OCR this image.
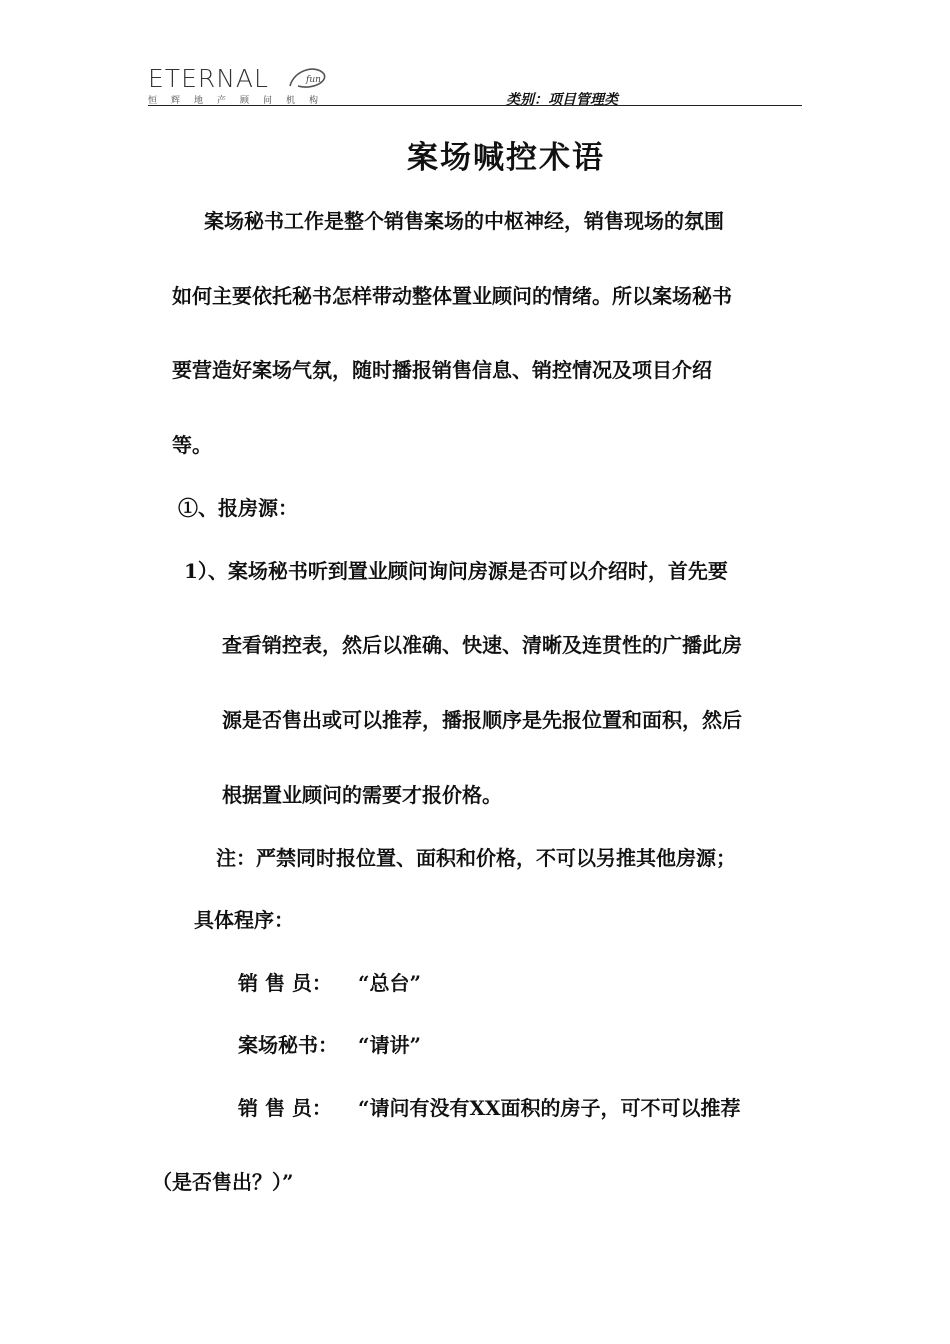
ETERNAL	fun
恒辉地产顾问机构	类别：项目管理类
案场喊控术语
案场秘书工作是整个销售案场的中枢神经，销售现场的氛围
如何主要依托秘书怎样带动整体置业顾问的情绪。所以案场秘书
要营造好案场气氛，随时播报销售信息、销控情况及项目介绍
等。
①、报房源：
1）、案场秘书听到置业顾问询问房源是否可以介绍时，首先要
查看销控表，然后以准确、快速、清晰及连贯性的广播此房
源是否售出或可以推荐，播报顺序是先报位置和面积，然后
根据置业顾问的需要才报价格。
注：严禁同时报位置、面积和价格，不可以另推其他房源；
具体程序：
销 售 员： “总台”
案场秘书： “请讲”
销 售 员： “请问有没有XX面积的房子，可不可以推荐
（是否售出？）”
